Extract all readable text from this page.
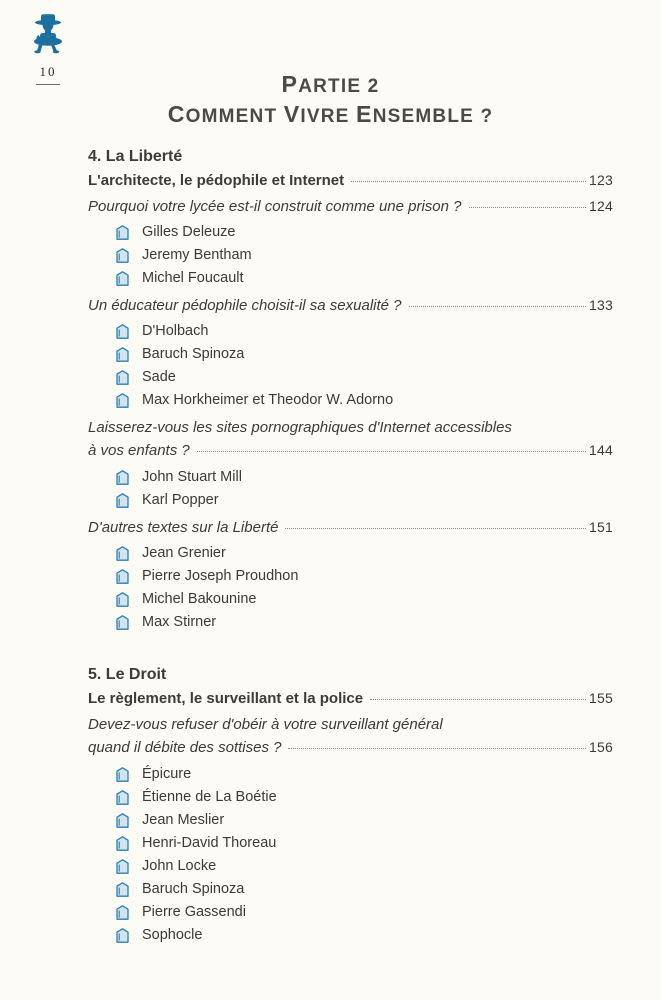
10	PARTIE 2
COMMENT VIVRE ENSEMBLE ?
4. La Liberté
L'architecte, le pédophile et Internet	123
Pourquoi votre lycée est-il construit comme une prison ?	124
Gilles Deleuze
Jeremy Bentham
Michel Foucault
Un éducateur pédophile choisit-il sa sexualité ?	133
D'Holbach
Baruch Spinoza
Sade
Max Horkheimer et Theodor W. Adorno
Laisserez-vous les sites pornographiques d'Internet accessibles
à vos enfants ?	144
John Stuart Mill
Karl Popper
D'autres textes sur la Liberté	151
Jean Grenier
Pierre Joseph Proudhon
Michel Bakounine
Max Stirner
5. Le Droit
Le règlement, le surveillant et la police	155
Devez-vous refuser d'obéir à votre surveillant général
quand il débite des sottises ?	156
Épicure
Étienne de La Boétie
Jean Meslier
Henri-David Thoreau
John Locke
Baruch Spinoza
Pierre Gassendi
Sophocle
